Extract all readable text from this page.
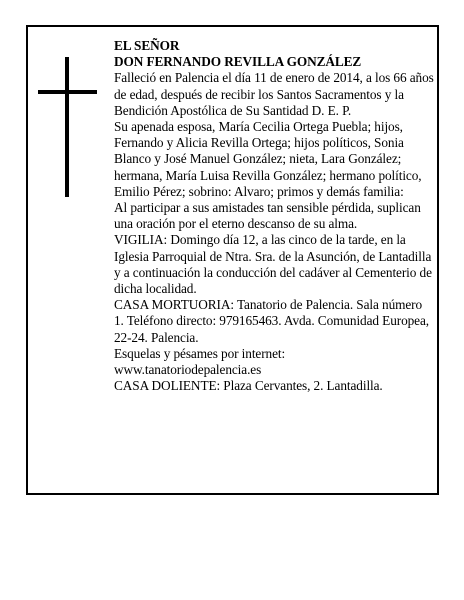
EL SEÑOR

DON FERNANDO REVILLA GONZÁLEZ

Falleció en Palencia el día 11 de enero de 2014, a los 66 años de edad, después de recibir los Santos Sacramentos y la Bendición Apostólica de Su Santidad D. E. P.

Su apenada esposa, María Cecilia Ortega Puebla; hijos, Fernando y Alicia Revilla Ortega; hijos políticos, Sonia Blanco y José Manuel González; nieta, Lara González; hermana, María Luisa Revilla González; hermano político, Emilio Pérez; sobrino: Alvaro; primos y demás familia:

Al participar a sus amistades tan sensible pérdida, suplican una oración por el eterno descanso de su alma.

VIGILIA: Domingo día 12, a las cinco de la tarde, en la Iglesia Parroquial de Ntra. Sra. de la Asunción, de Lantadilla y a continuación la conducción del cadáver al Cementerio de dicha localidad.

CASA MORTUORIA: Tanatorio de Palencia. Sala número 1. Teléfono directo: 979165463. Avda. Comunidad Europea, 22-24. Palencia.

Esquelas y pésames por internet: www.tanatoriodepalencia.es

CASA DOLIENTE: Plaza Cervantes, 2. Lantadilla.
